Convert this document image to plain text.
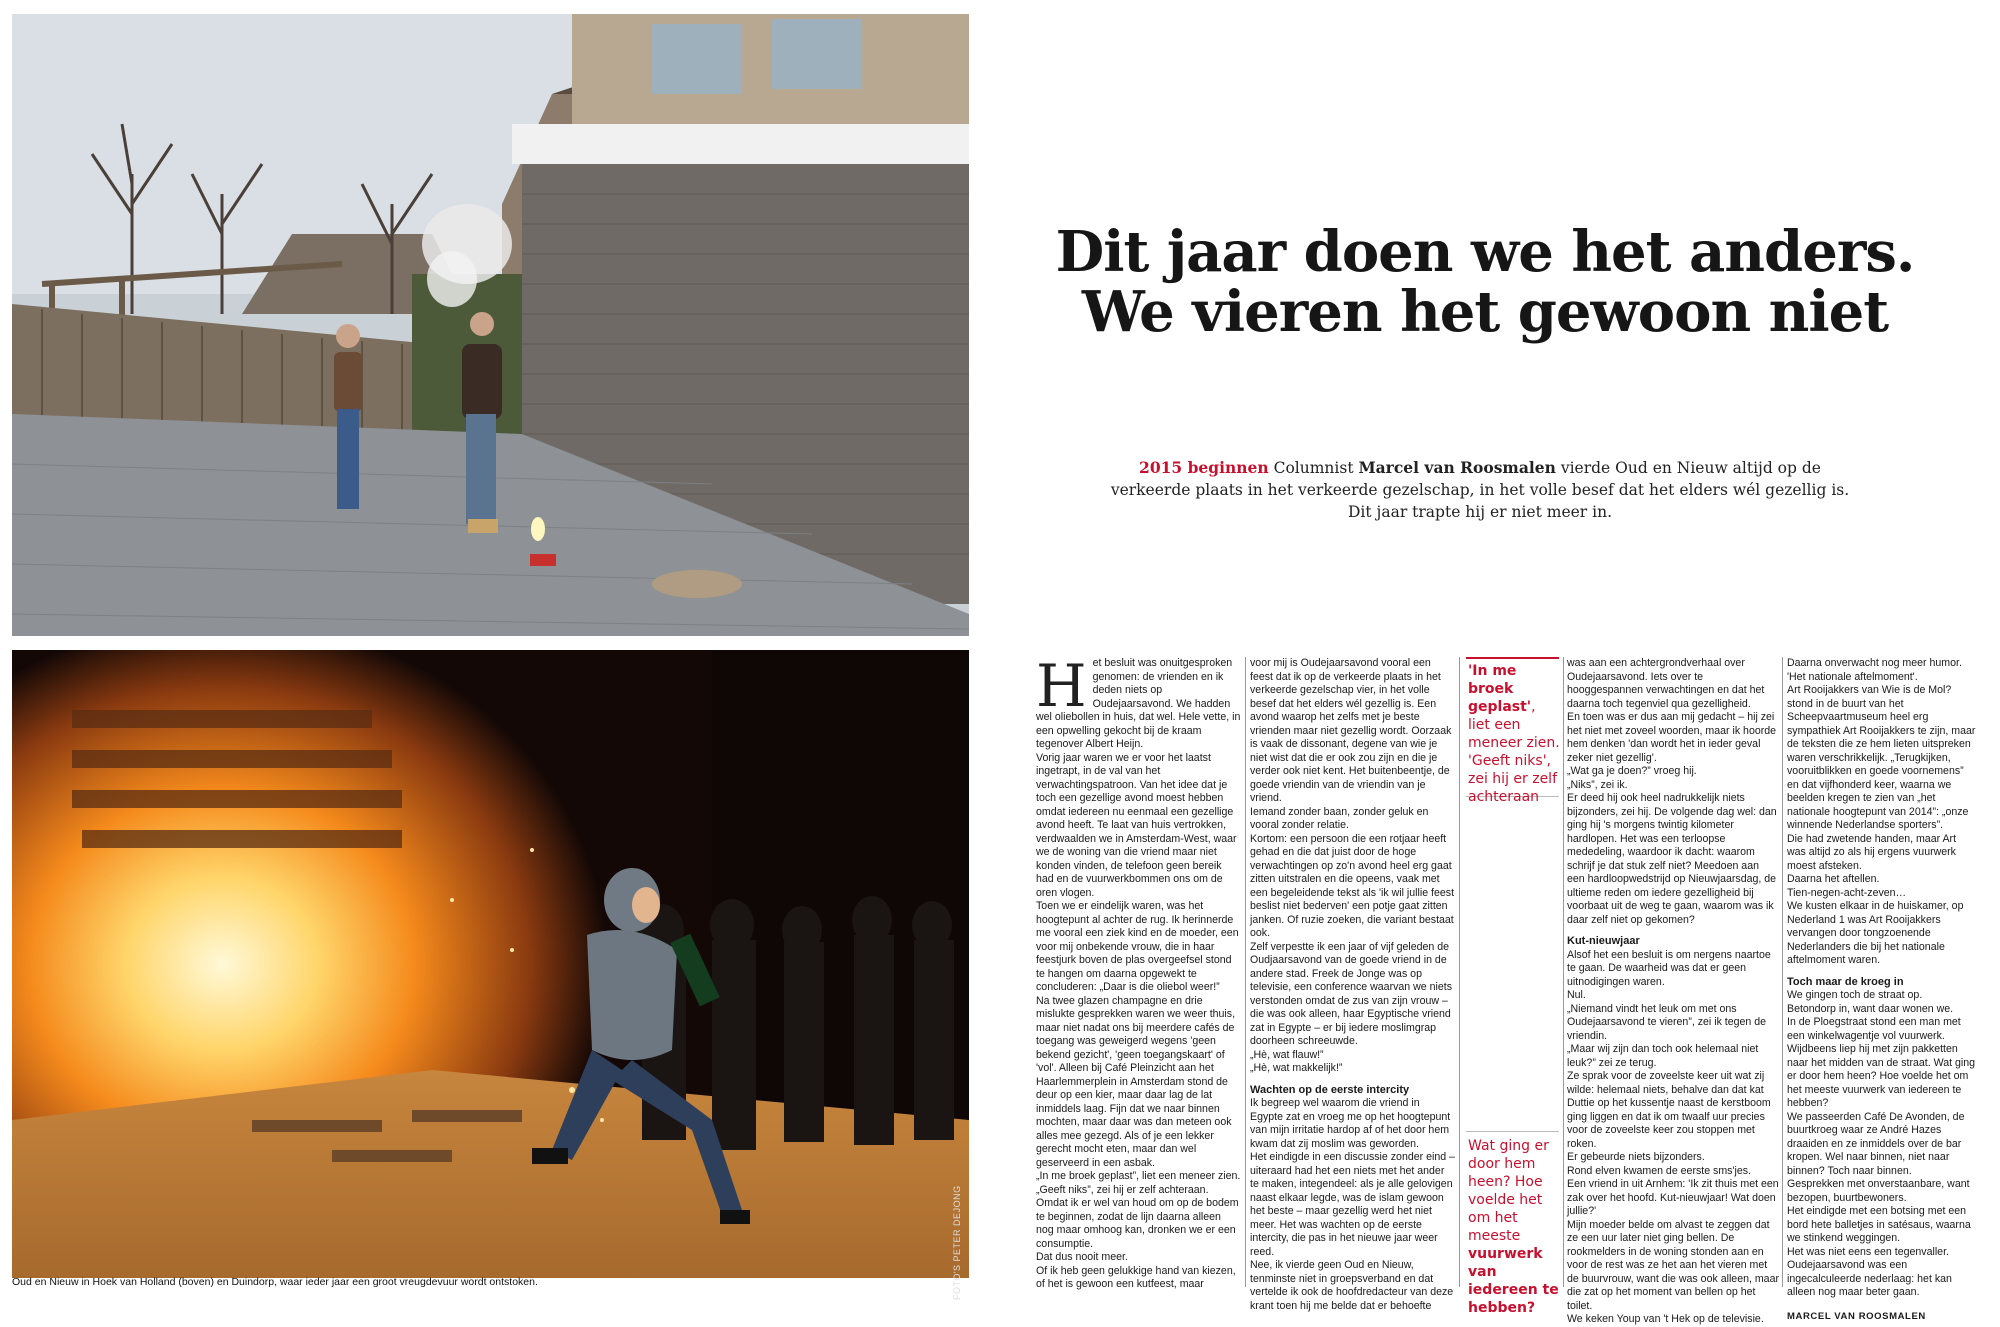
FOTO'S PETER DEJONG
Oud en Nieuw in Hoek van Holland (boven) en Duindorp, waar ieder jaar een groot vreugdevuur wordt ontstoken.
Dit jaar doen we het anders. We vieren het gewoon niet
2015 beginnen Columnist Marcel van Roosmalen vierde Oud en Nieuw altijd op de verkeerde plaats in het verkeerde gezelschap, in het volle besef dat het elders wél gezellig is. Dit jaar trapte hij er niet meer in.
'In me broek geplast', liet een meneer zien. 'Geeft niks', zei hij er zelf achteraan
Wat ging er door hem heen? Hoe voelde het om het meeste vuurwerk van iedereen te hebben?

Het besluit was onuitgesproken genomen: de vrienden en ik deden niets op Oudejaarsavond. We hadden wel oliebollen in huis, dat wel. Hele vette, in een opwelling gekocht bij de kraam tegenover Albert Heijn.

Vorig jaar waren we er voor het laatst ingetrapt, in de val van het verwachtingspatroon. Van het idee dat je toch een gezellige avond moest hebben omdat iedereen nu eenmaal een gezellige avond heeft. Te laat van huis vertrokken, verdwaalden we in Amsterdam-West, waar we de woning van die vriend maar niet konden vinden, de telefoon geen bereik had en de vuurwerkbommen ons om de oren vlogen.

Toen we er eindelijk waren, was het hoogtepunt al achter de rug. Ik herinnerde me vooral een ziek kind en de moeder, een voor mij onbekende vrouw, die in haar feestjurk boven de plas overgeefsel stond te hangen om daarna opgewekt te concluderen: „Daar is die oliebol weer!”

Na twee glazen champagne en drie mislukte gesprekken waren we weer thuis, maar niet nadat ons bij meerdere cafés de toegang was geweigerd wegens 'geen bekend gezicht', 'geen toegangskaart' of 'vol'. Alleen bij Café Pleinzicht aan het Haarlemmerplein in Amsterdam stond de deur op een kier, maar daar lag de lat inmiddels laag. Fijn dat we naar binnen mochten, maar daar was dan meteen ook alles mee gezegd. Als of je een lekker gerecht mocht eten, maar dan wel geserveerd in een asbak.

„In me broek geplast”, liet een meneer zien.

„Geeft niks”, zei hij er zelf achteraan. Omdat ik er wel van houd om op de bodem te beginnen, zodat de lijn daarna alleen nog maar omhoog kan, dronken we er een consumptie.

Dat dus nooit meer.

Of ik heb geen gelukkige hand van kiezen, of het is gewoon een kutfeest, maar

voor mij is Oudejaarsavond vooral een feest dat ik op de verkeerde plaats in het verkeerde gezelschap vier, in het volle besef dat het elders wél gezellig is. Een avond waarop het zelfs met je beste vrienden maar niet gezellig wordt. Oorzaak is vaak de dissonant, degene van wie je niet wist dat die er ook zou zijn en die je verder ook niet kent. Het buitenbeentje, de goede vriendin van de vriendin van je vriend.

Iemand zonder baan, zonder geluk en vooral zonder relatie.

Kortom: een persoon die een rotjaar heeft gehad en die dat juist door de hoge verwachtingen op zo'n avond heel erg gaat zitten uitstralen en die opeens, vaak met een begeleidende tekst als 'ik wil jullie feest beslist niet bederven' een potje gaat zitten janken. Of ruzie zoeken, die variant bestaat ook.

Zelf verpestte ik een jaar of vijf geleden de Oudjaarsavond van de goede vriend in de andere stad. Freek de Jonge was op televisie, een conference waarvan we niets verstonden omdat de zus van zijn vrouw – die was ook alleen, haar Egyptische vriend zat in Egypte – er bij iedere moslimgrap doorheen schreeuwde.

„Hè, wat flauw!”

„Hè, wat makkelijk!”

Wachten op de eerste intercity

Ik begreep wel waarom die vriend in Egypte zat en vroeg me op het hoogtepunt van mijn irritatie hardop af of het door hem kwam dat zij moslim was geworden.

Het eindigde in een discussie zonder eind – uiteraard had het een niets met het ander te maken, integendeel: als je alle gelovigen naast elkaar legde, was de islam gewoon het beste – maar gezellig werd het niet meer. Het was wachten op de eerste intercity, die pas in het nieuwe jaar weer reed.

Nee, ik vierde geen Oud en Nieuw, tenminste niet in groepsverband en dat vertelde ik ook de hoofdredacteur van deze krant toen hij me belde dat er behoefte

was aan een achtergrondverhaal over Oudejaarsavond. Iets over te hooggespannen verwachtingen en dat het daarna toch tegenviel qua gezelligheid.

En toen was er dus aan mij gedacht – hij zei het niet met zoveel woorden, maar ik hoorde hem denken 'dan wordt het in ieder geval zeker niet gezellig'.

„Wat ga je doen?” vroeg hij.

„Niks”, zei ik.

Er deed hij ook heel nadrukkelijk niets bijzonders, zei hij. De volgende dag wel: dan ging hij 's morgens twintig kilometer hardlopen. Het was een terloopse mededeling, waardoor ik dacht: waarom schrijf je dat stuk zelf niet? Meedoen aan een hardloopwedstrijd op Nieuwjaarsdag, de ultieme reden om iedere gezelligheid bij voorbaat uit de weg te gaan, waarom was ik daar zelf niet op gekomen?

Kut-nieuwjaar

Alsof het een besluit is om nergens naartoe te gaan. De waarheid was dat er geen uitnodigingen waren.

Nul.

„Niemand vindt het leuk om met ons Oudejaarsavond te vieren”, zei ik tegen de vriendin.

„Maar wij zijn dan toch ook helemaal niet leuk?” zei ze terug.

Ze sprak voor de zoveelste keer uit wat zij wilde: helemaal niets, behalve dan dat kat Duttie op het kussentje naast de kerstboom ging liggen en dat ik om twaalf uur precies voor de zoveelste keer zou stoppen met roken.

Er gebeurde niets bijzonders.

Rond elven kwamen de eerste sms'jes.

Een vriend in uit Arnhem: 'Ik zit thuis met een zak over het hoofd. Kut-nieuwjaar! Wat doen jullie?'

Mijn moeder belde om alvast te zeggen dat ze een uur later niet ging bellen. De rookmelders in de woning stonden aan en voor de rest was ze het aan het vieren met de buurvrouw, want die was ook alleen, maar die zat op het moment van bellen op het toilet.

We keken Youp van 't Hek op de televisie.

Daarna onverwacht nog meer humor.

'Het nationale aftelmoment'.

Art Rooijakkers van Wie is de Mol? stond in de buurt van het Scheepvaartmuseum heel erg sympathiek Art Rooijakkers te zijn, maar de teksten die ze hem lieten uitspreken waren verschrikkelijk. „Terugkijken, vooruitblikken en goede voornemens” en dat vijfhonderd keer, waarna we beelden kregen te zien van „het nationale hoogtepunt van 2014”: „onze winnende Nederlandse sporters”.

Die had zwetende handen, maar Art was altijd zo als hij ergens vuurwerk moest afsteken.

Daarna het aftellen.

Tien-negen-acht-zeven…

We kusten elkaar in de huiskamer, op Nederland 1 was Art Rooijakkers vervangen door tongzoenende Nederlanders die bij het nationale aftelmoment waren.

Toch maar de kroeg in

We gingen toch de straat op.

Betondorp in, want daar wonen we.

In de Ploegstraat stond een man met een winkelwagentje vol vuurwerk. Wijdbeens liep hij met zijn pakketten naar het midden van de straat. Wat ging er door hem heen? Hoe voelde het om het meeste vuurwerk van iedereen te hebben?

We passeerden Café De Avonden, de buurtkroeg waar ze André Hazes draaiden en ze inmiddels over de bar kropen. Wel naar binnen, niet naar binnen? Toch naar binnen.

Gesprekken met onverstaanbare, want bezopen, buurtbewoners.

Het eindigde met een botsing met een bord hete balletjes in satésaus, waarna we stinkend weggingen.

Het was niet eens een tegenvaller. Oudejaarsavond was een ingecalculeerde nederlaag: het kan alleen nog maar beter gaan.

MARCEL VAN ROOSMALEN
